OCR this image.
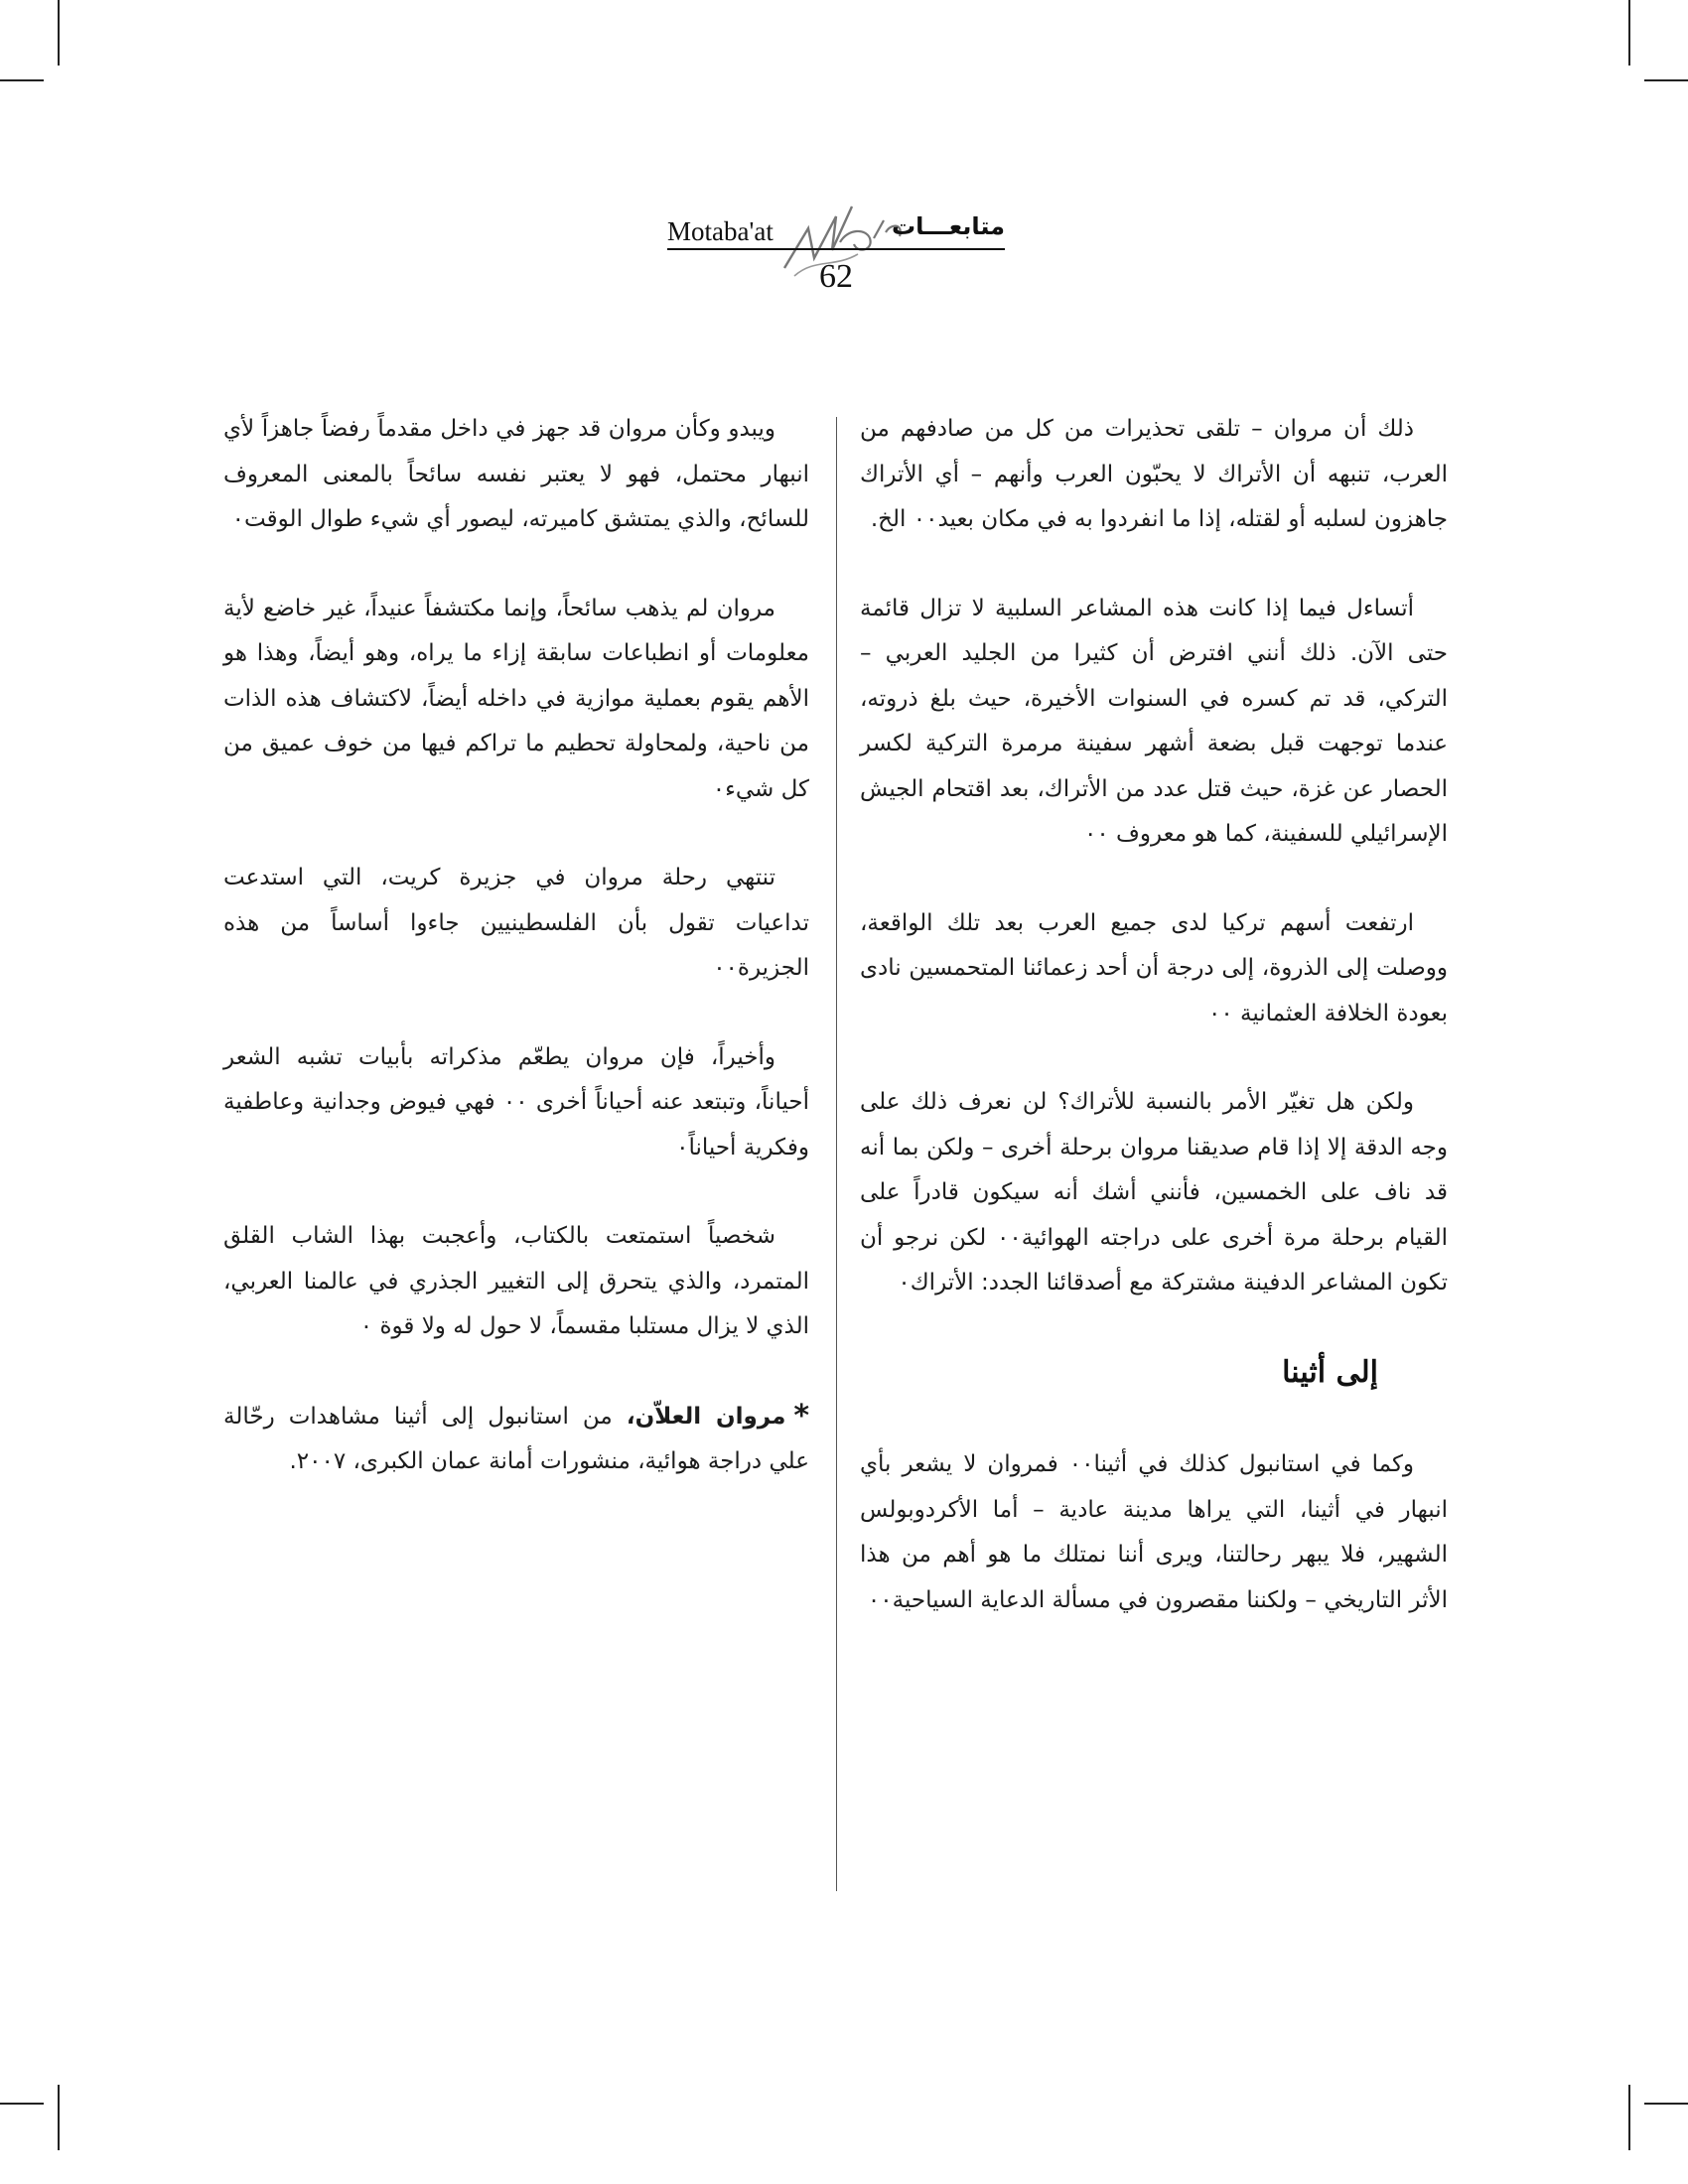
Motaba'at	متابعـــات
62

ذلك أن مروان – تلقى تحذيرات من كل من صادفهم من العرب، تنبهه أن الأتراك لا يحبّون العرب وأنهم – أي الأتراك جاهزون لسلبه أو لقتله، إذا ما انفردوا به في مكان بعيد٠٠ الخ.

أتساءل فيما إذا كانت هذه المشاعر السلبية لا تزال قائمة حتى الآن. ذلك أنني افترض أن كثيرا من الجليد العربي – التركي، قد تم كسره في السنوات الأخيرة، حيث بلغ ذروته، عندما توجهت قبل بضعة أشهر سفينة مرمرة التركية لكسر الحصار عن غزة، حيث قتل عدد من الأتراك، بعد اقتحام الجيش الإسرائيلي للسفينة، كما هو معروف ٠٠

ارتفعت أسهم تركيا لدى جميع العرب بعد تلك الواقعة، ووصلت إلى الذروة، إلى درجة أن أحد زعمائنا المتحمسين نادى بعودة الخلافة العثمانية ٠٠

ولكن هل تغيّر الأمر بالنسبة للأتراك؟ لن نعرف ذلك على وجه الدقة إلا إذا قام صديقنا مروان برحلة أخرى – ولكن بما أنه قد ناف على الخمسين، فأنني أشك أنه سيكون قادراً على القيام برحلة مرة أخرى على دراجته الهوائية٠٠ لكن نرجو أن تكون المشاعر الدفينة مشتركة مع أصدقائنا الجدد: الأتراك٠

إلى أثينا

وكما في استانبول كذلك في أثينا٠٠ فمروان لا يشعر بأي انبهار في أثينا، التي يراها مدينة عادية – أما الأكردوبولس الشهير، فلا يبهر رحالتنا، ويرى أننا نمتلك ما هو أهم من هذا الأثر التاريخي – ولكننا مقصرون في مسألة الدعاية السياحية٠٠

ويبدو وكأن مروان قد جهز في داخل مقدماً رفضاً جاهزاً لأي انبهار محتمل، فهو لا يعتبر نفسه سائحاً بالمعنى المعروف للسائح، والذي يمتشق كاميرته، ليصور أي شيء طوال الوقت٠

مروان لم يذهب سائحاً، وإنما مكتشفاً عنيداً، غير خاضع لأية معلومات أو انطباعات سابقة إزاء ما يراه، وهو أيضاً، وهذا هو الأهم يقوم بعملية موازية في داخله أيضاً، لاكتشاف هذه الذات من ناحية، ولمحاولة تحطيم ما تراكم فيها من خوف عميق من كل شيء٠

تنتهي رحلة مروان في جزيرة كريت، التي استدعت تداعيات تقول بأن الفلسطينيين جاءوا أساساً من هذه الجزيرة٠٠

وأخيراً، فإن مروان يطعّم مذكراته بأبيات تشبه الشعر أحياناً، وتبتعد عنه أحياناً أخرى ٠٠ فهي فيوض وجدانية وعاطفية وفكرية أحياناً٠

شخصياً استمتعت بالكتاب، وأعجبت بهذا الشاب القلق المتمرد، والذي يتحرق إلى التغيير الجذري في عالمنا العربي، الذي لا يزال مستلبا مقسماً، لا حول له ولا قوة ٠

*مروان العلاّن، من استانبول إلى أثينا مشاهدات رحّالة علي دراجة هوائية، منشورات أمانة عمان الكبرى، ٢٠٠٧.
